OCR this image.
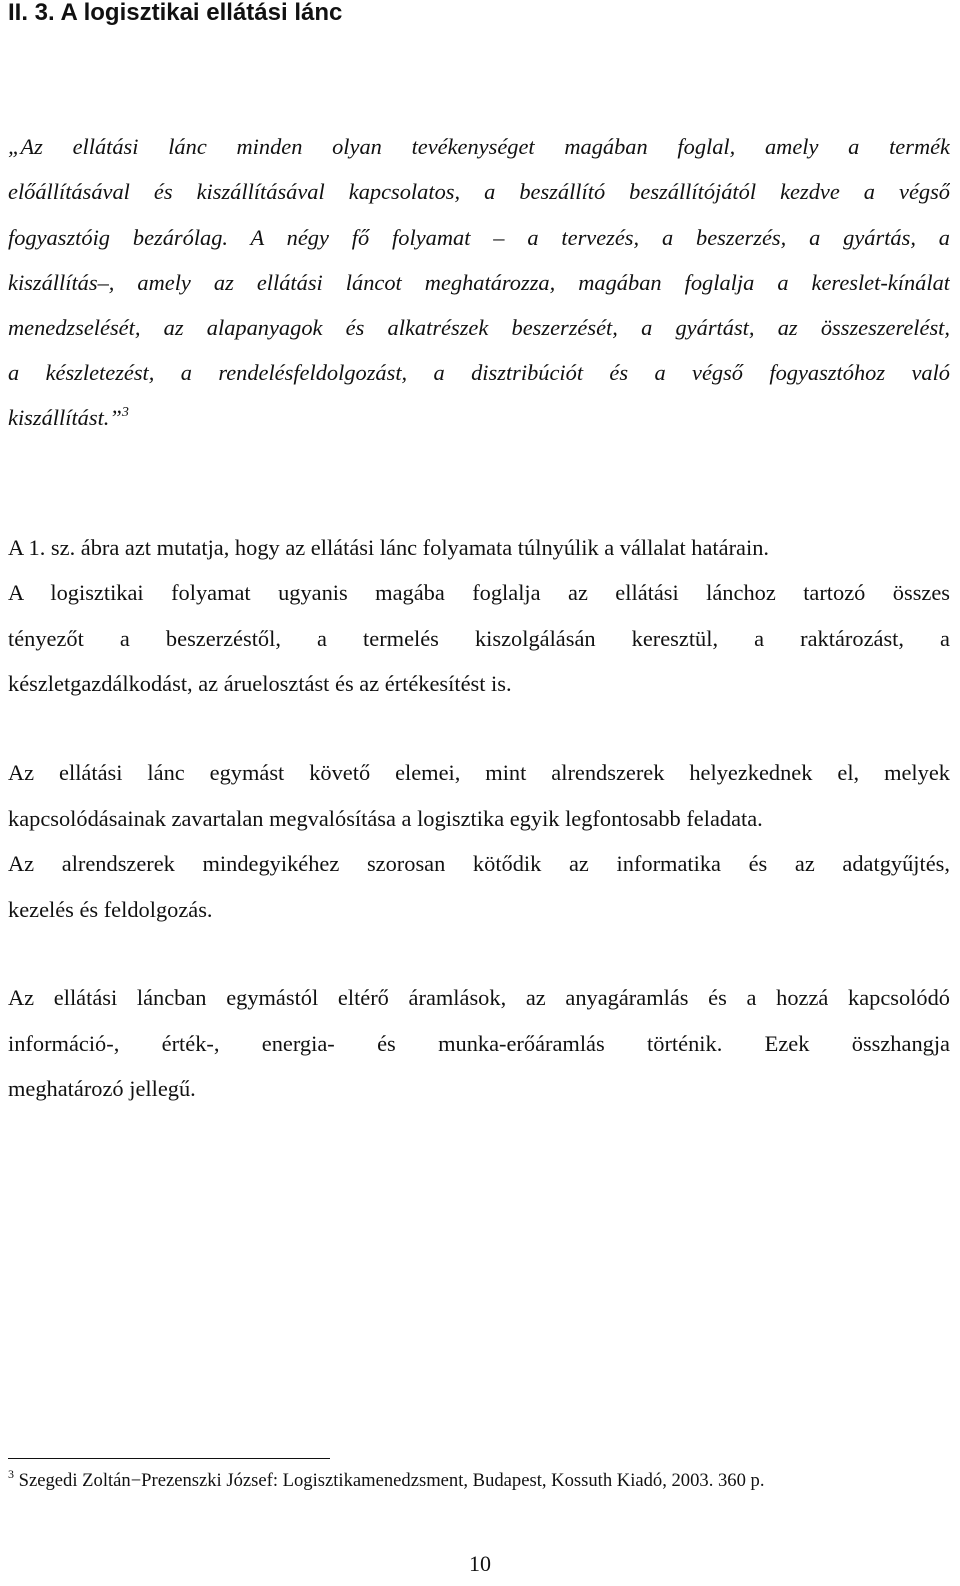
II. 3. A logisztikai ellátási lánc

„Az ellátási lánc minden olyan tevékenységet magában foglal, amely a termék

előállításával és kiszállításával kapcsolatos, a beszállító beszállítójától kezdve a végső

fogyasztóig bezárólag. A négy fő folyamat – a tervezés, a beszerzés, a gyártás, a

kiszállítás–, amely az ellátási láncot meghatározza, magában foglalja a kereslet-kínálat

menedzselését, az alapanyagok és alkatrészek beszerzését, a gyártást, az összeszerelést,

a készletezést, a rendelésfeldolgozást, a disztribúciót és a végső fogyasztóhoz való

kiszállítást.”$^3$

A 1. sz. ábra azt mutatja, hogy az ellátási lánc folyamata túlnyúlik a vállalat határain.

A logisztikai folyamat ugyanis magába foglalja az ellátási lánchoz tartozó összes

tényezőt a beszerzéstől, a termelés kiszolgálásán keresztül, a raktározást, a

készletgazdálkodást, az áruelosztást és az értékesítést is.

Az ellátási lánc egymást követő elemei, mint alrendszerek helyezkednek el, melyek

kapcsolódásainak zavartalan megvalósítása a logisztika egyik legfontosabb feladata.

Az alrendszerek mindegyikéhez szorosan kötődik az informatika és az adatgyűjtés,

kezelés és feldolgozás.

Az ellátási láncban egymástól eltérő áramlások, az anyagáramlás és a hozzá kapcsolódó

információ-, érték-, energia- és munka-erőáramlás történik. Ezek összhangja

meghatározó jellegű.

$^3$ Szegedi Zoltán−Prezenszki József: Logisztikamenedzsment, Budapest, Kossuth Kiadó, 2003. 360 p.

10
